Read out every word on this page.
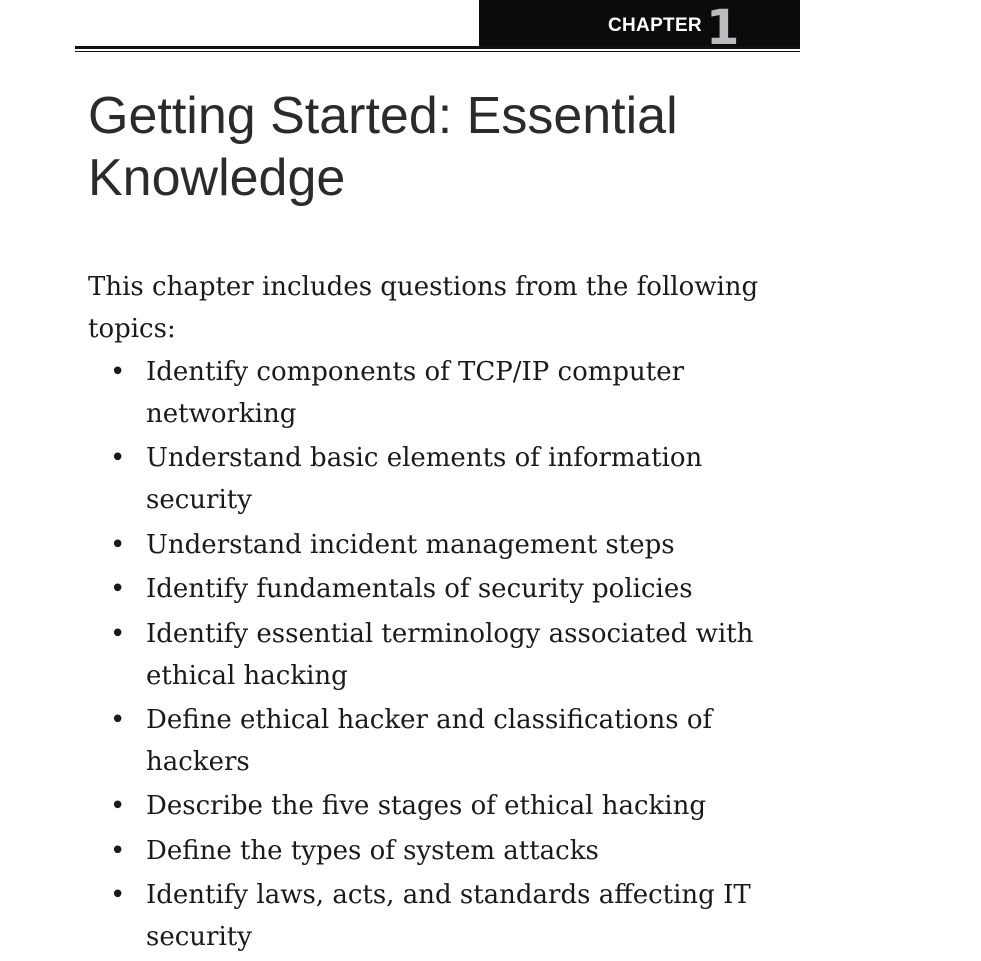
CHAPTER 1
Getting Started: Essential Knowledge

This chapter includes questions from the following topics:

• Identify components of TCP/IP computer networking
• Understand basic elements of information security
• Understand incident management steps
• Identify fundamentals of security policies
• Identify essential terminology associated with ethical hacking
• Define ethical hacker and classifications of hackers
• Describe the five stages of ethical hacking
• Define the types of system attacks
• Identify laws, acts, and standards affecting IT security
